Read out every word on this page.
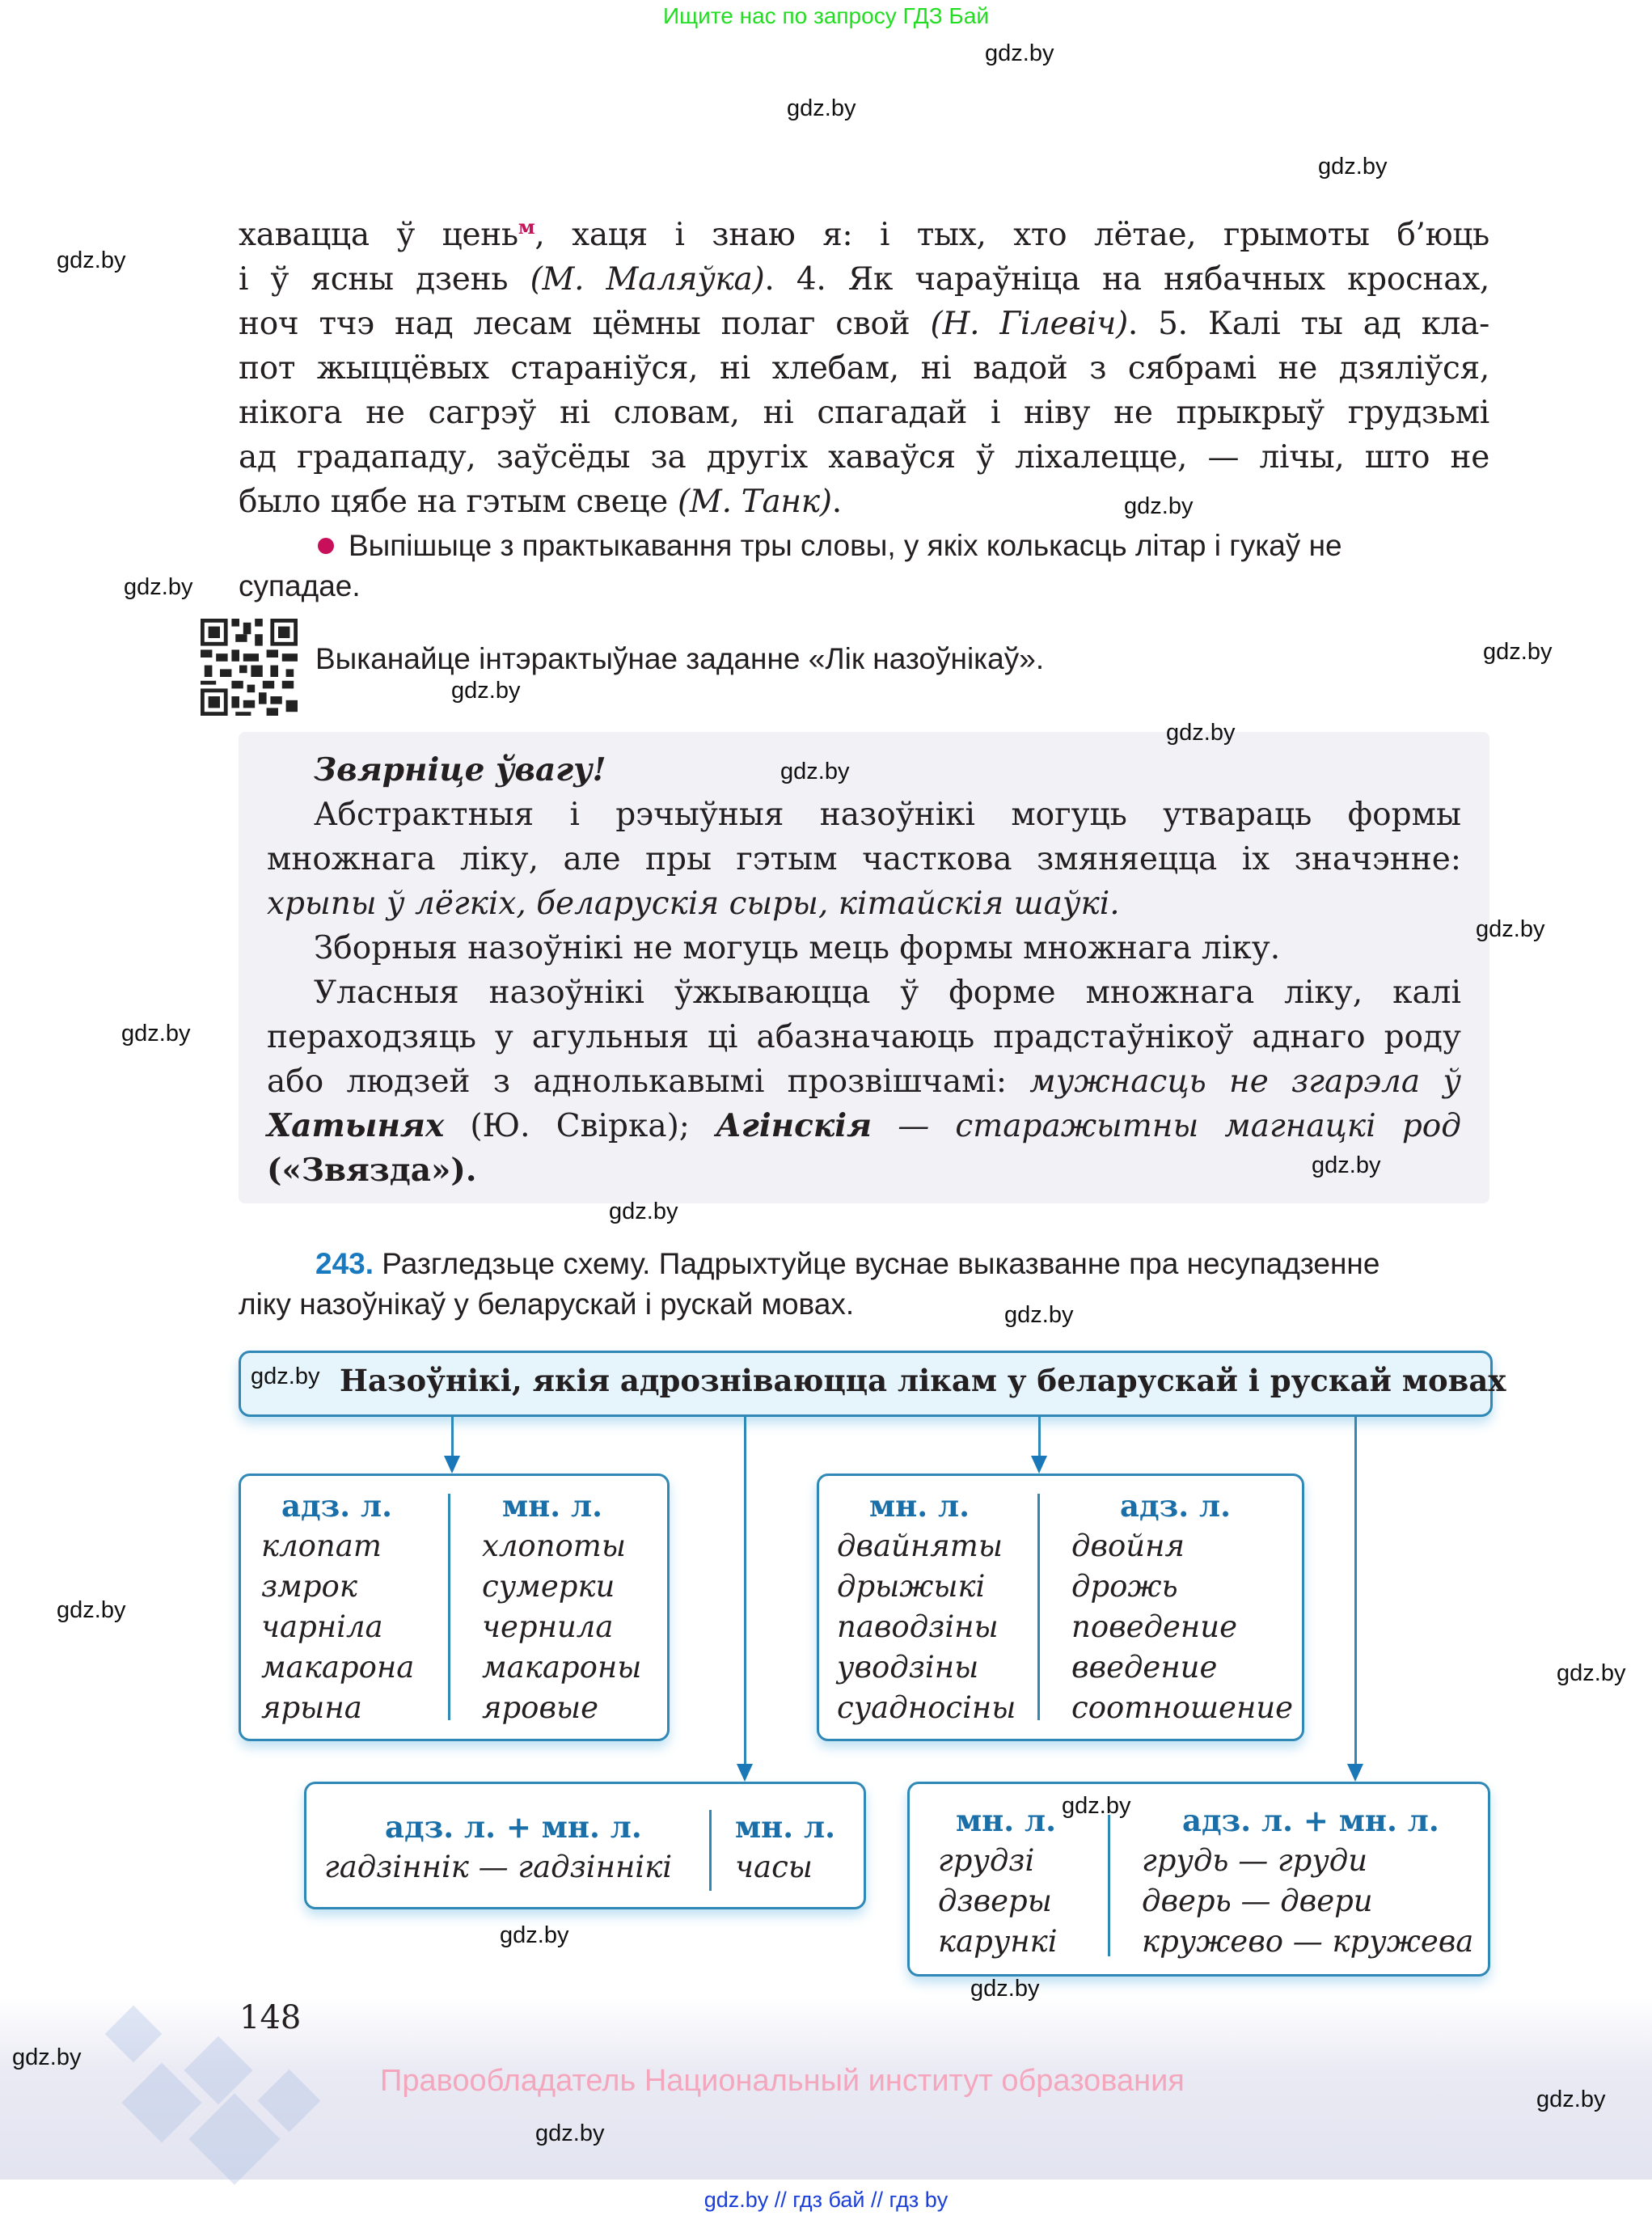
Ищите нас по запросу ГДЗ Бай
хавацца ў цень$^м$, хаця і знаю я: і тых, хто лётае, грымоты б’юць
і ў ясны дзень (М. Маляўка). 4. Як чараўніца на нябачных кроснах,
ноч тчэ над лесам цёмны полаг свой (Н. Гілевіч). 5. Калі ты ад кла-
пот жыццёвых стараніўся, ні хлебам, ні вадой з сябрамі не дзяліўся,
нікога не сагрэў ні словам, ні спагадай і ніву не прыкрыў грудзьмі
ад градападу, заўсёды за другіх хаваўся ў ліхалецце, — лічы, што не
было цябе на гэтым свеце (М. Танк).
Выпішыце з практыкавання тры словы, у якіх колькасць літар і гукаў не
супадае.
Выканайце інтэрактыўнае заданне «Лік назоўнікаў».
Звярніце ўвагу!
Абстрактныя і рэчыўныя назоўнікі могуць утвараць формы
множнага ліку, але пры гэтым часткова змяняецца іх значэнне:
хрыпы ў лёгкіх, беларускія сыры, кітайскія шаўкі.
Зборныя назоўнікі не могуць мець формы множнага ліку.
Уласныя назоўнікі ўжываюцца ў форме множнага ліку, калі
пераходзяць у агульныя ці абазначаюць прадстаўнікоў аднаго роду
або людзей з аднолькавымі прозвішчамі: мужнасць не згарэла ў
Хатынях (Ю. Свірка); Агінскія — старажытны магнацкі род
(«Звязда»).
243. Разгледзьце схему. Падрыхтуйце вуснае выказванне пра несупадзенне
ліку назоўнікаў у беларускай і рускай мовах.
Назоўнікі, якія адрозніваюцца лікам у беларускай і рускай мовах
адз. л.
клопат
змрок
чарніла
макарона
ярына
мн. л.
хлопоты
сумерки
чернила
макароны
яровые
мн. л.
двайняты
дрыжыкі
паводзіны
уводзіны
суадносіны
адз. л.
двойня
дрожь
поведение
введение
соотношение
адз. л. + мн. л.
гадзіннік — гадзіннікі
мн. л.
часы
мн. л.
грудзі
дзверы
карункі
адз. л. + мн. л.
грудь — груди
дверь — двери
кружево — кружева
148
Правообладатель Национальный институт образования
gdz.by // гдз бай // гдз by
gdz.by
gdz.by
gdz.by
gdz.by
gdz.by
gdz.by
gdz.by
gdz.by
gdz.by
gdz.by
gdz.by
gdz.by
gdz.by
gdz.by
gdz.by
gdz.by
gdz.by
gdz.by
gdz.by
gdz.by
gdz.by
gdz.by
gdz.by
gdz.by
